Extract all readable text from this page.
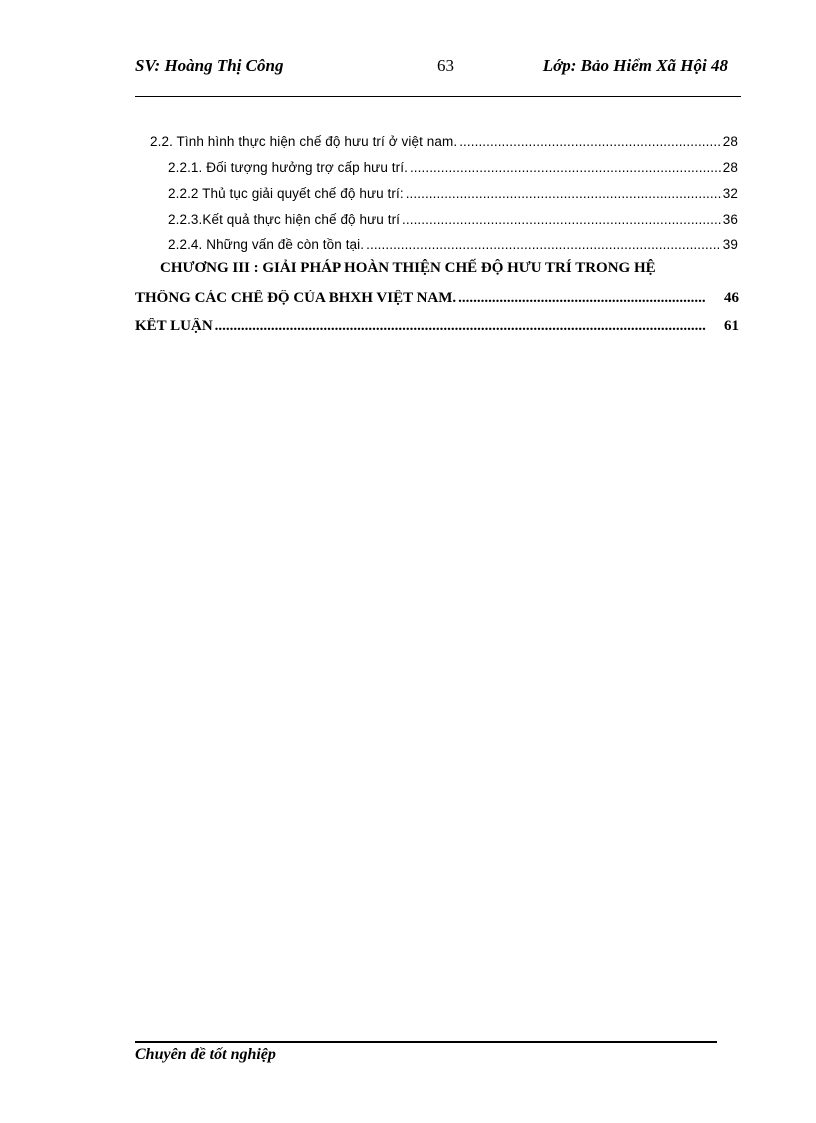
SV: Hoàng Thị Công	63	Lớp: Bảo Hiểm Xã Hội 48
2.2. Tình hình thực hiện chế độ hưu trí ở việt nam. .....	28
2.2.1. Đối tượng hưởng trợ cấp hưu trí. .....	28
2.2.2 Thủ tục giải quyết chế độ hưu trí: .....	32
2.2.3.Kết quả thực hiện chế độ hưu trí .....	36
2.2.4. Những vấn đề còn tồn tại. .....	39
CHƯƠNG III : GIẢI PHÁP HOÀN THIỆN CHẾ ĐỘ HƯU TRÍ TRONG HỆ
THỐNG CÁC CHẾ ĐỘ CỦA BHXH VIỆT NAM. .....	46
KẾT LUẬN .....	61
Chuyên đề tốt nghiệp
